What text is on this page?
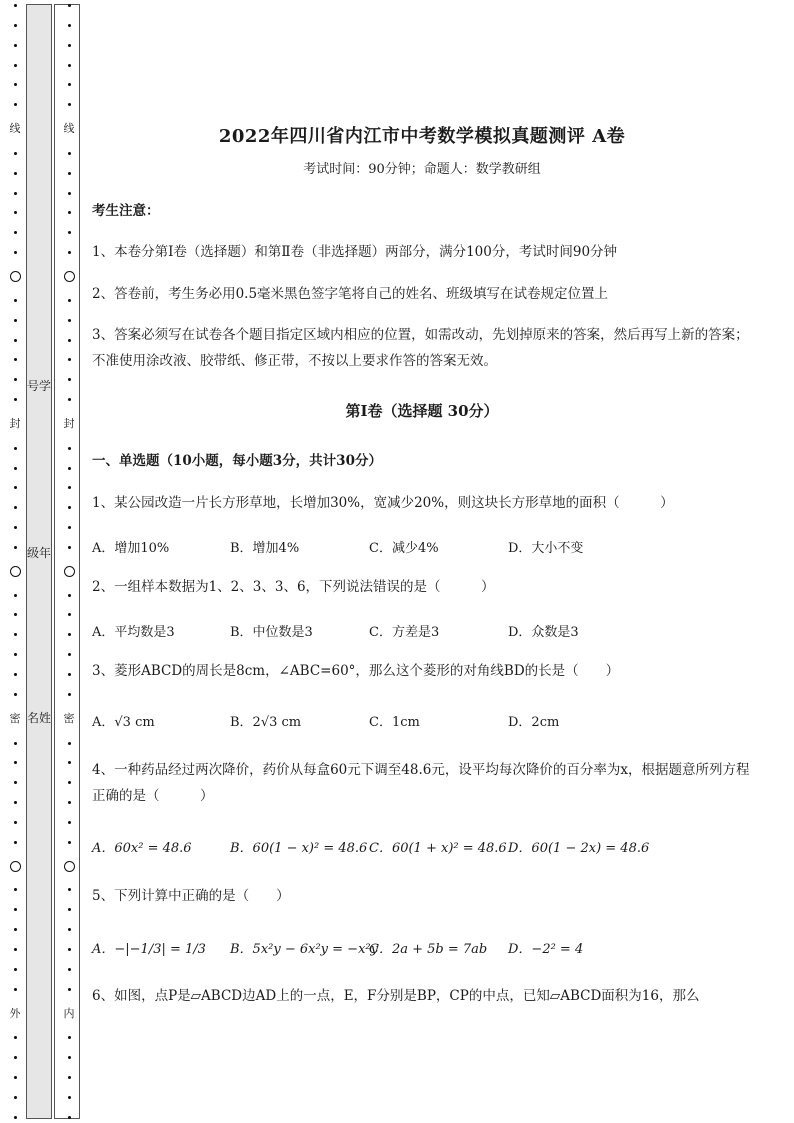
号学
级年
名姓
线
封
密
外
线
封
密
内
2022年四川省内江市中考数学模拟真题测评 A卷
考试时间：90分钟；命题人：数学教研组
考生注意：
1、本卷分第I卷（选择题）和第Ⅱ卷（非选择题）两部分，满分100分，考试时间90分钟
2、答卷前，考生务必用0.5毫米黑色签字笔将自己的姓名、班级填写在试卷规定位置上
3、答案必须写在试卷各个题目指定区域内相应的位置，如需改动，先划掉原来的答案，然后再写上新的答案；不准使用涂改液、胶带纸、修正带，不按以上要求作答的答案无效。
第I卷（选择题 30分）
一、单选题（10小题，每小题3分，共计30分）
1、某公园改造一片长方形草地，长增加30%，宽减少20%，则这块长方形草地的面积（　　　）
A．增加10%	B．增加4%	C．减少4%	D．大小不变
2、一组样本数据为1、2、3、3、6，下列说法错误的是（　　　）
A．平均数是3	B．中位数是3	C．方差是3	D．众数是3
3、菱形ABCD的周长是8cm，∠ABC=60°，那么这个菱形的对角线BD的长是（　　）
A．√3 cm	B．2√3 cm	C．1cm	D．2cm
4、一种药品经过两次降价，药价从每盒60元下调至48.6元，设平均每次降价的百分率为x，根据题意所列方程正确的是（　　　）
A．60x² = 48.6	B．60(1 − x)² = 48.6 C．60(1 + x)² = 48.6 D．60(1 − 2x) = 48.6
5、下列计算中正确的是（　　）
A．−|−1/3| = 1/3 B．5x²y − 6x²y = −x²y
C．2a + 5b = 7ab D．−2² = 4
6、如图，点P是▱ABCD边AD上的一点，E，F分别是BP，CP的中点，已知▱ABCD面积为16，那么
